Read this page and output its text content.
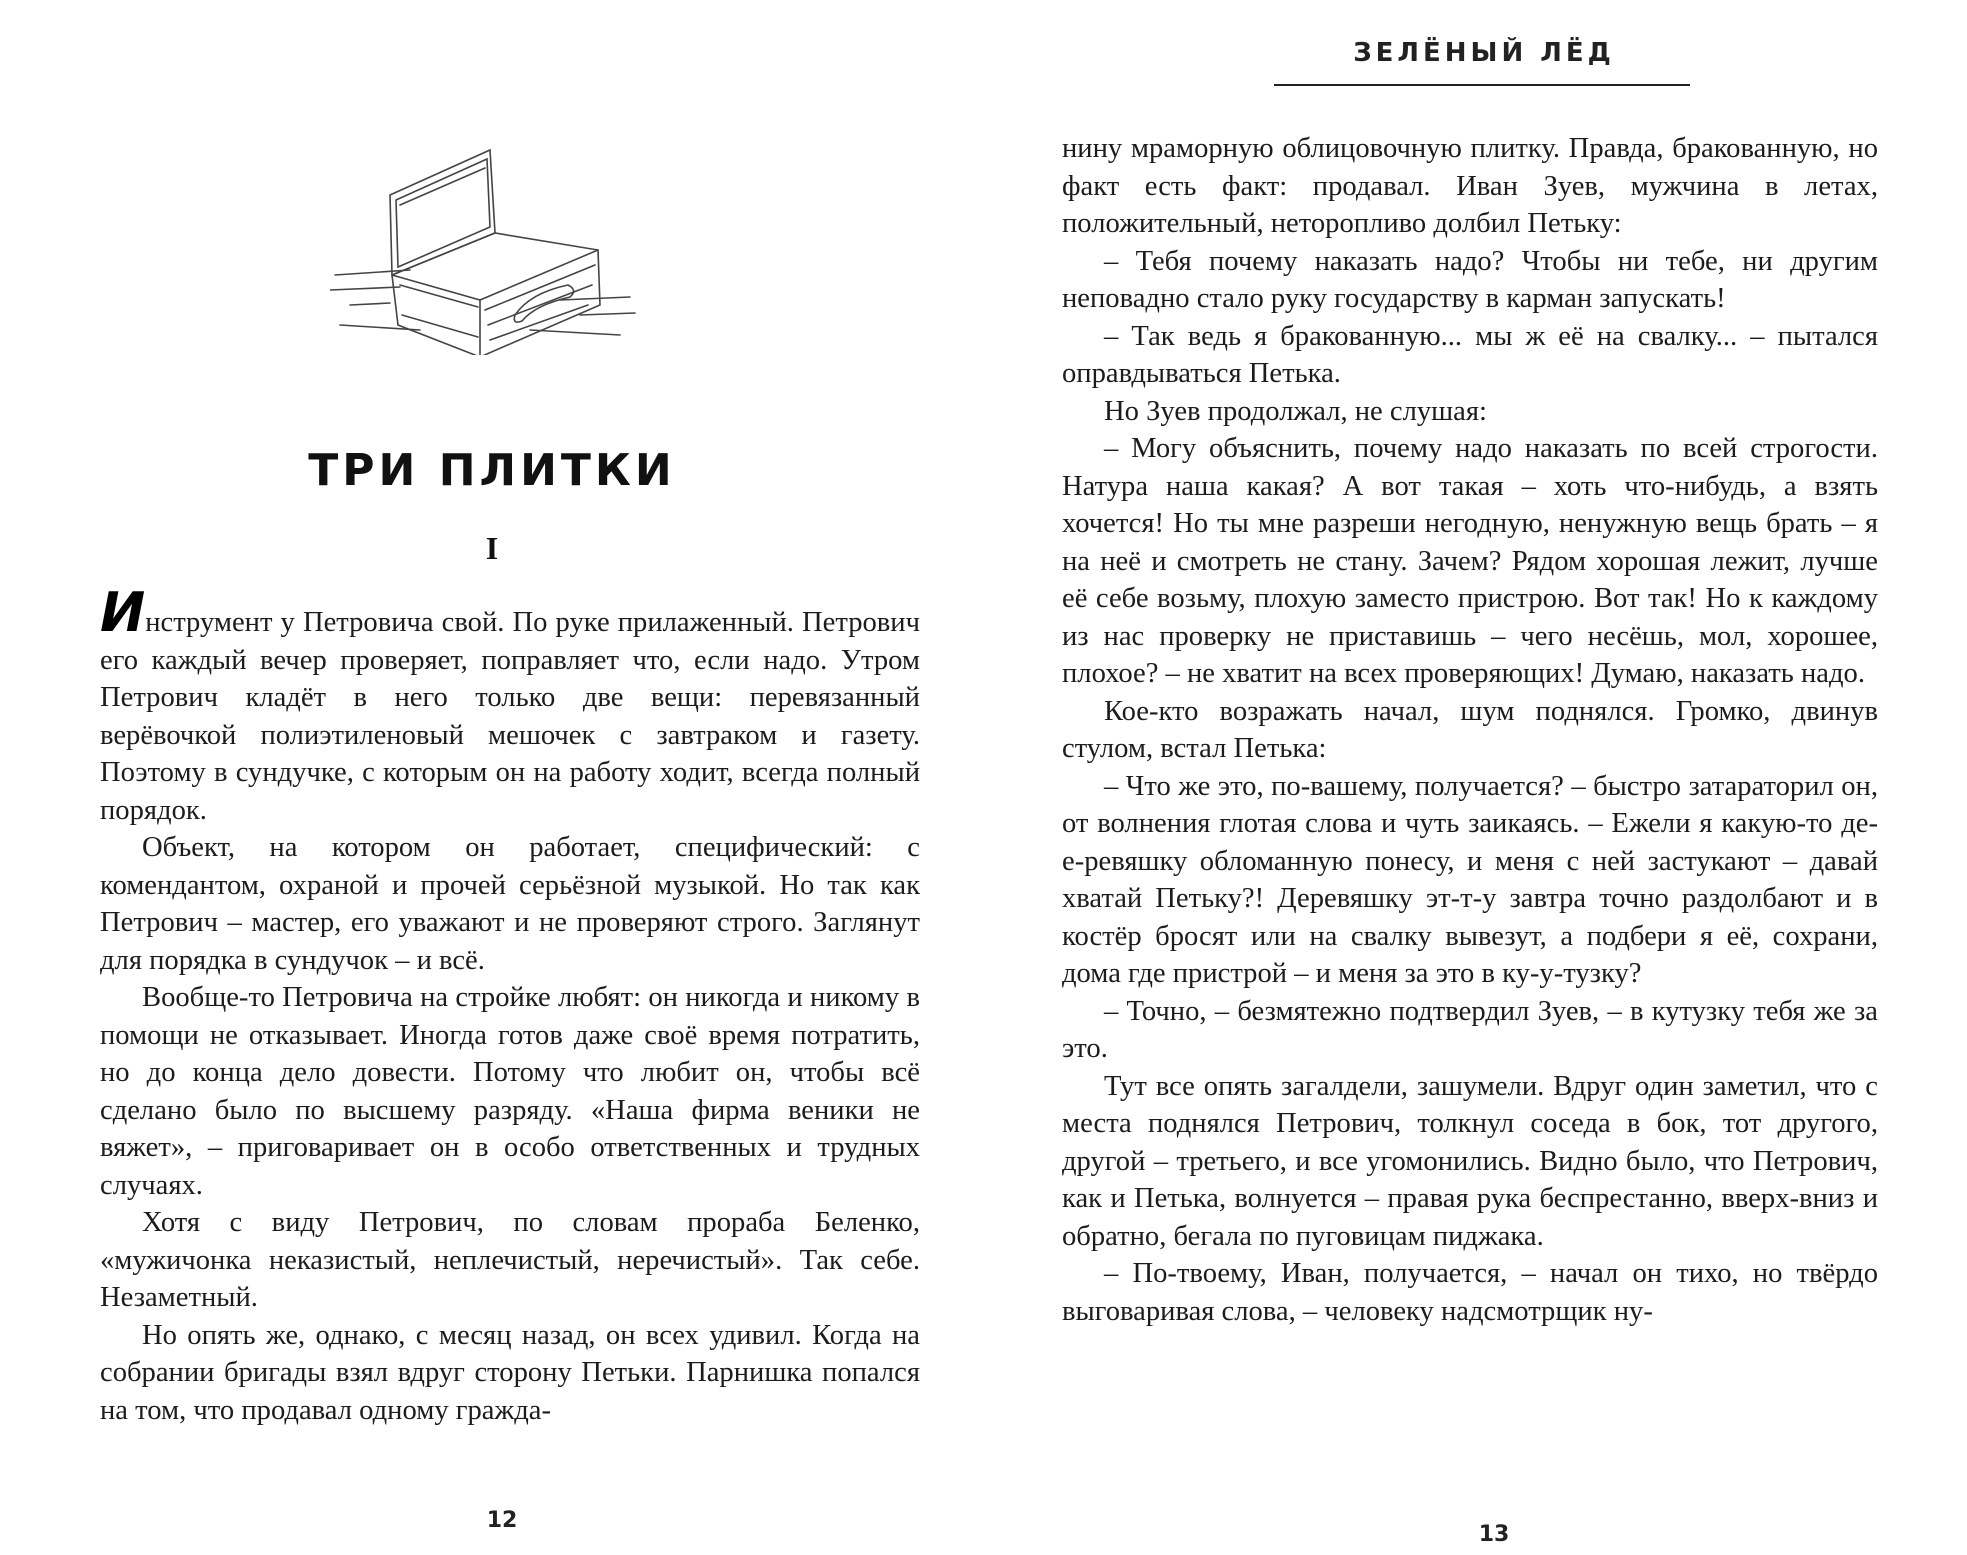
ТРИ ПЛИТКИ
I

Инструмент у Петровича свой. По руке прилаженный. Петрович его каждый вечер проверяет, поправляет что, если надо. Утром Петрович кладёт в него только две вещи: перевязанный верёвочкой полиэтиленовый мешочек с завтраком и газету. Поэтому в сундучке, с которым он на работу ходит, всегда полный порядок.

Объект, на котором он работает, специфический: с комендантом, охраной и прочей серьёзной музыкой. Но так как Петрович – мастер, его уважают и не проверяют строго. Заглянут для порядка в сундучок – и всё.

Вообще-то Петровича на стройке любят: он никогда и никому в помощи не отказывает. Иногда готов даже своё время потратить, но до конца дело довести. Потому что любит он, чтобы всё сделано было по высшему разряду. «Наша фирма веники не вяжет», – приговаривает он в особо ответственных и трудных случаях.

Хотя с виду Петрович, по словам прораба Беленко, «мужичонка неказистый, неплечистый, неречистый». Так себе. Незаметный.

Но опять же, однако, с месяц назад, он всех удивил. Когда на собрании бригады взял вдруг сторону Петьки. Парнишка попался на том, что продавал одному гражда-

12
ЗЕЛЁНЫЙ ЛЁД

нину мраморную облицовочную плитку. Правда, бракованную, но факт есть факт: продавал. Иван Зуев, мужчина в летах, положительный, неторопливо долбил Петьку:

– Тебя почему наказать надо? Чтобы ни тебе, ни другим неповадно стало руку государству в карман запускать!

– Так ведь я бракованную... мы ж её на свалку... – пытался оправдываться Петька.

Но Зуев продолжал, не слушая:

– Могу объяснить, почему надо наказать по всей строгости. Натура наша какая? А вот такая – хоть что-нибудь, а взять хочется! Но ты мне разреши негодную, ненужную вещь брать – я на неё и смотреть не стану. Зачем? Рядом хорошая лежит, лучше её себе возьму, плохую заместо пристрою. Вот так! Но к каждому из нас проверку не приставишь – чего несёшь, мол, хорошее, плохое? – не хватит на всех проверяющих! Думаю, наказать надо.

Кое-кто возражать начал, шум поднялся. Громко, двинув стулом, встал Петька:

– Что же это, по-вашему, получается? – быстро затараторил он, от волнения глотая слова и чуть заикаясь. – Ежели я какую-то де-е-ревяшку обломанную понесу, и меня с ней застукают – давай хватай Петьку?! Деревяшку эт-т-у завтра точно раздолбают и в костёр бросят или на свалку вывезут, а подбери я её, сохрани, дома где пристрой – и меня за это в ку-у-тузку?

– Точно, – безмятежно подтвердил Зуев, – в кутузку тебя же за это.

Тут все опять загалдели, зашумели. Вдруг один заметил, что с места поднялся Петрович, толкнул соседа в бок, тот другого, другой – третьего, и все угомонились. Видно было, что Петрович, как и Петька, волнуется – правая рука беспрестанно, вверх-вниз и обратно, бегала по пуговицам пиджака.

– По-твоему, Иван, получается, – начал он тихо, но твёрдо выговаривая слова, – человеку надсмотрщик ну-

13
